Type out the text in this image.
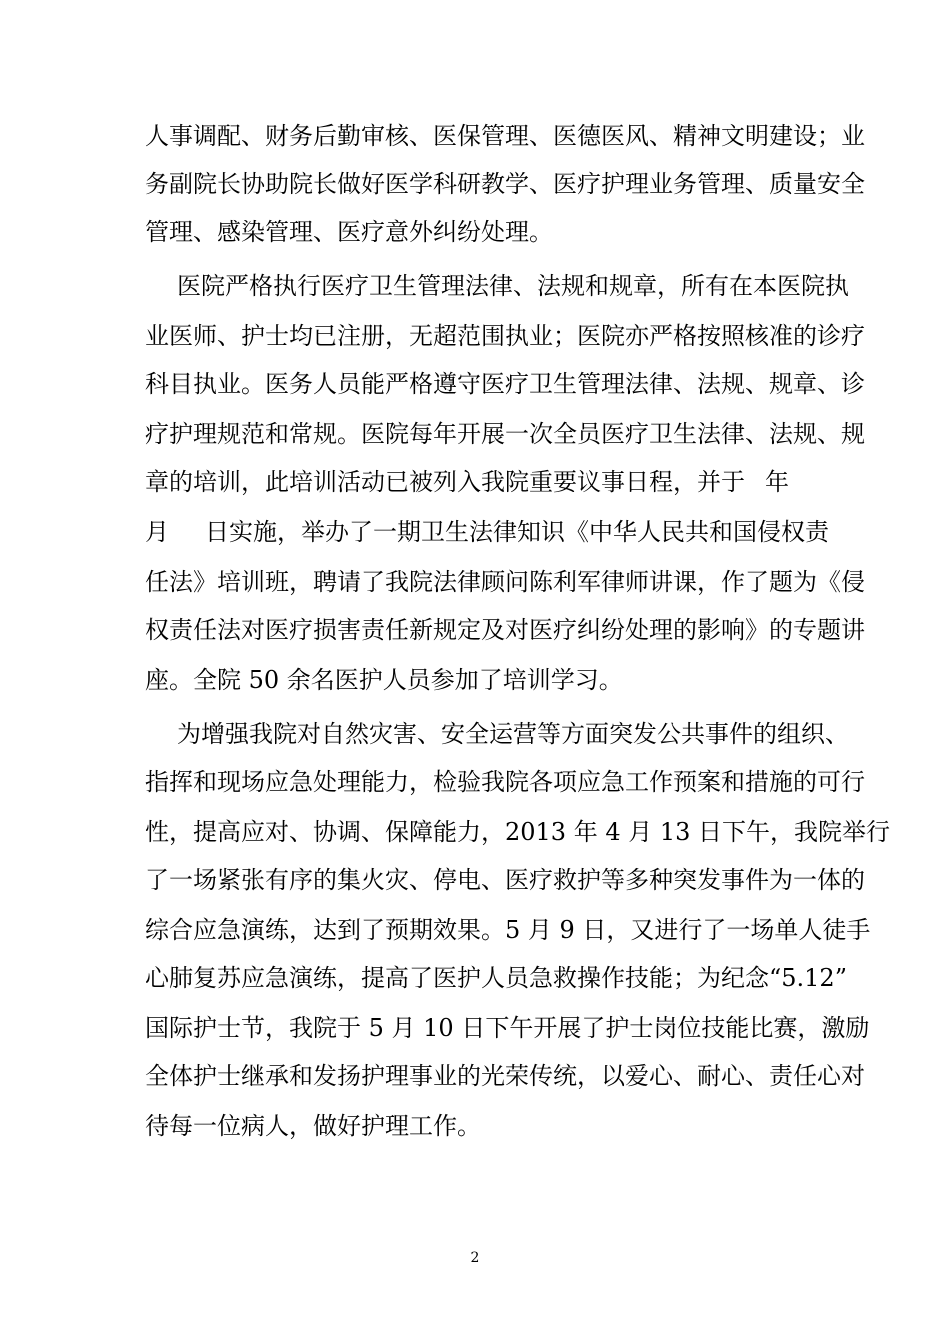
人事调配、财务后勤审核、医保管理、医德医风、精神文明建设；业
务副院长协助院长做好医学科研教学、医疗护理业务管理、质量安全
管理、感染管理、医疗意外纠纷处理。
医院严格执行医疗卫生管理法律、法规和规章，所有在本医院执
业医师、护士均已注册，无超范围执业；医院亦严格按照核准的诊疗
科目执业。医务人员能严格遵守医疗卫生管理法律、法规、规章、诊
疗护理规范和常规。医院每年开展一次全员医疗卫生法律、法规、规
章的培训，此培训活动已被列入我院重要议事日程，并于 年
月 日实施，举办了一期卫生法律知识《中华人民共和国侵权责
任法》培训班，聘请了我院法律顾问陈利军律师讲课，作了题为《侵
权责任法对医疗损害责任新规定及对医疗纠纷处理的影响》的专题讲
座。全院 50 余名医护人员参加了培训学习。
为增强我院对自然灾害、安全运营等方面突发公共事件的组织、
指挥和现场应急处理能力，检验我院各项应急工作预案和措施的可行
性，提高应对、协调、保障能力，2013 年 4 月 13 日下午，我院举行
了一场紧张有序的集火灾、停电、医疗救护等多种突发事件为一体的
综合应急演练，达到了预期效果。5 月 9 日，又进行了一场单人徒手
心肺复苏应急演练，提高了医护人员急救操作技能；为纪念“5.12”
国际护士节，我院于 5 月 10 日下午开展了护士岗位技能比赛，激励
全体护士继承和发扬护理事业的光荣传统，以爱心、耐心、责任心对
待每一位病人，做好护理工作。
2
